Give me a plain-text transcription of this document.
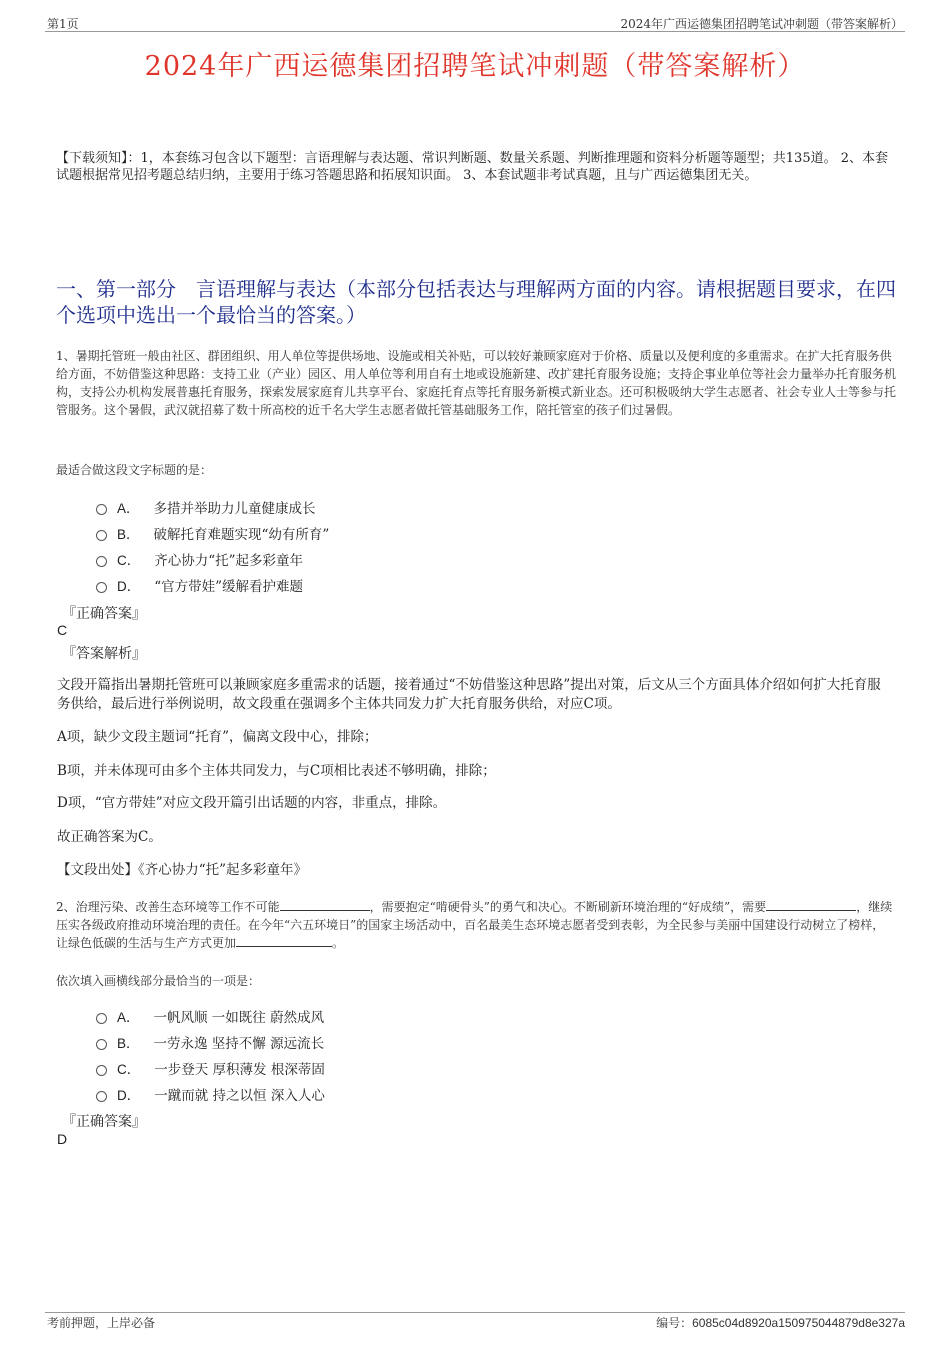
第1页	2024年广西运德集团招聘笔试冲刺题（带答案解析）
2024年广西运德集团招聘笔试冲刺题（带答案解析）
【下载须知】：1，本套练习包含以下题型：言语理解与表达题、常识判断题、数量关系题、判断推理题和资料分析题等题型；共135道。 2、本套试题根据常见招考题总结归纳，主要用于练习答题思路和拓展知识面。 3、本套试题非考试真题，且与广西运德集团无关。
一、第一部分　言语理解与表达（本部分包括表达与理解两方面的内容。请根据题目要求，在四个选项中选出一个最恰当的答案。）
1、暑期托管班一般由社区、群团组织、用人单位等提供场地、设施或相关补贴，可以较好兼顾家庭对于价格、质量以及便利度的多重需求。在扩大托育服务供给方面，不妨借鉴这种思路：支持工业（产业）园区、用人单位等利用自有土地或设施新建、改扩建托育服务设施；支持企事业单位等社会力量举办托育服务机构，支持公办机构发展普惠托育服务，探索发展家庭育儿共享平台、家庭托育点等托育服务新模式新业态。还可积极吸纳大学生志愿者、社会专业人士等参与托管服务。这个暑假，武汉就招募了数十所高校的近千名大学生志愿者做托管基础服务工作，陪托管室的孩子们过暑假。
最适合做这段文字标题的是：
A． 多措并举助力儿童健康成长
B． 破解托育难题实现“幼有所育”
C． 齐心协力“托”起多彩童年
D． “官方带娃”缓解看护难题
『正确答案』
C
『答案解析』
文段开篇指出暑期托管班可以兼顾家庭多重需求的话题，接着通过“不妨借鉴这种思路”提出对策，后文从三个方面具体介绍如何扩大托育服务供给，最后进行举例说明，故文段重在强调多个主体共同发力扩大托育服务供给，对应C项。
A项，缺少文段主题词“托育”，偏离文段中心，排除；
B项，并未体现可由多个主体共同发力，与C项相比表述不够明确，排除；
D项，“官方带娃”对应文段开篇引出话题的内容，非重点，排除。
故正确答案为C。
【文段出处】《齐心协力“托”起多彩童年》
2、治理污染、改善生态环境等工作不可能	，需要抱定“啃硬骨头”的勇气和决心。不断刷新环境治理的“好成绩”，需要	，继续压实各级政府推动环境治理的责任。在今年“六五环境日”的国家主场活动中，百名最美生态环境志愿者受到表彰，为全民参与美丽中国建设行动树立了榜样，让绿色低碳的生活与生产方式更加	。
依次填入画横线部分最恰当的一项是：
A． 一帆风顺 一如既往 蔚然成风
B． 一劳永逸 坚持不懈 源远流长
C． 一步登天 厚积薄发 根深蒂固
D． 一蹴而就 持之以恒 深入人心
『正确答案』
D
考前押题，上岸必备	编号：6085c04d8920a150975044879d8e327a
